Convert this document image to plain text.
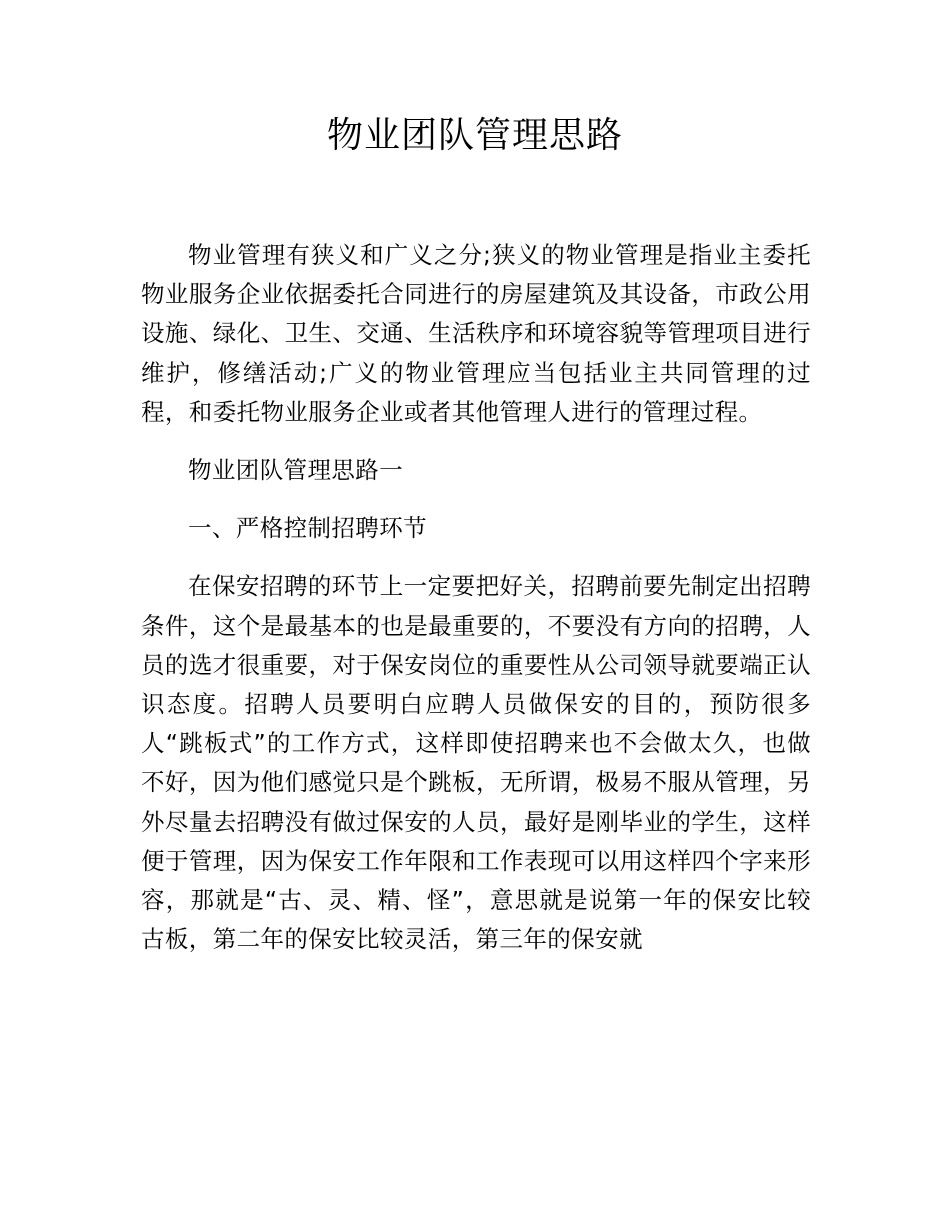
物业团队管理思路

物业管理有狭义和广义之分;狭义的物业管理是指业主委托物业服务企业依据委托合同进行的房屋建筑及其设备，市政公用设施、绿化、卫生、交通、生活秩序和环境容貌等管理项目进行维护，修缮活动;广义的物业管理应当包括业主共同管理的过程，和委托物业服务企业或者其他管理人进行的管理过程。

物业团队管理思路一

一、严格控制招聘环节

在保安招聘的环节上一定要把好关，招聘前要先制定出招聘条件，这个是最基本的也是最重要的，不要没有方向的招聘，人员的选才很重要，对于保安岗位的重要性从公司领导就要端正认识态度。招聘人员要明白应聘人员做保安的目的，预防很多人“跳板式”的工作方式，这样即使招聘来也不会做太久，也做不好，因为他们感觉只是个跳板，无所谓，极易不服从管理，另外尽量去招聘没有做过保安的人员，最好是刚毕业的学生，这样便于管理，因为保安工作年限和工作表现可以用这样四个字来形容，那就是“古、灵、精、怪”，意思就是说第一年的保安比较古板，第二年的保安比较灵活，第三年的保安就
